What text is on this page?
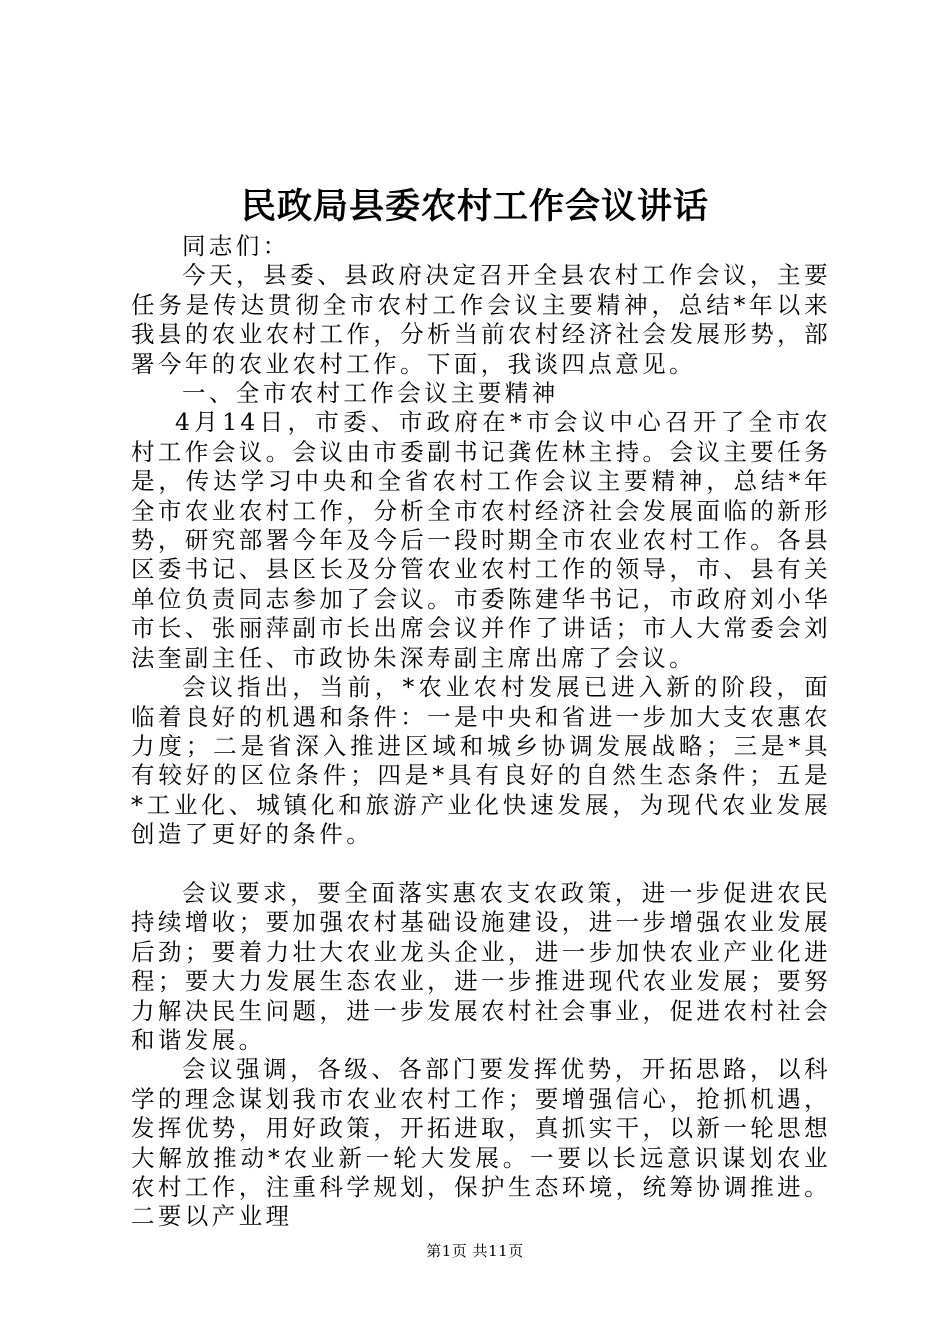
民政局县委农村工作会议讲话

同志们：

今天，县委、县政府决定召开全县农村工作会议，主要任务是传达贯彻全市农村工作会议主要精神，总结*年以来我县的农业农村工作，分析当前农村经济社会发展形势，部署今年的农业农村工作。下面，我谈四点意见。

一、全市农村工作会议主要精神

4月14日，市委、市政府在*市会议中心召开了全市农村工作会议。会议由市委副书记龚佐林主持。会议主要任务是，传达学习中央和全省农村工作会议主要精神，总结*年全市农业农村工作，分析全市农村经济社会发展面临的新形势，研究部署今年及今后一段时期全市农业农村工作。各县区委书记、县区长及分管农业农村工作的领导，市、县有关单位负责同志参加了会议。市委陈建华书记，市政府刘小华市长、张丽萍副市长出席会议并作了讲话；市人大常委会刘法奎副主任、市政协朱深寿副主席出席了会议。

会议指出，当前，*农业农村发展已进入新的阶段，面临着良好的机遇和条件：一是中央和省进一步加大支农惠农力度；二是省深入推进区域和城乡协调发展战略；三是*具有较好的区位条件；四是*具有良好的自然生态条件；五是*工业化、城镇化和旅游产业化快速发展，为现代农业发展创造了更好的条件。

会议要求，要全面落实惠农支农政策，进一步促进农民持续增收；要加强农村基础设施建设，进一步增强农业发展后劲；要着力壮大农业龙头企业，进一步加快农业产业化进程；要大力发展生态农业，进一步推进现代农业发展；要努力解决民生问题，进一步发展农村社会事业，促进农村社会和谐发展。

会议强调，各级、各部门要发挥优势，开拓思路，以科学的理念谋划我市农业农村工作；要增强信心，抢抓机遇，发挥优势，用好政策，开拓进取，真抓实干，以新一轮思想大解放推动*农业新一轮大发展。一要以长远意识谋划农业农村工作，注重科学规划，保护生态环境，统筹协调推进。二要以产业理

第1页 共11页
